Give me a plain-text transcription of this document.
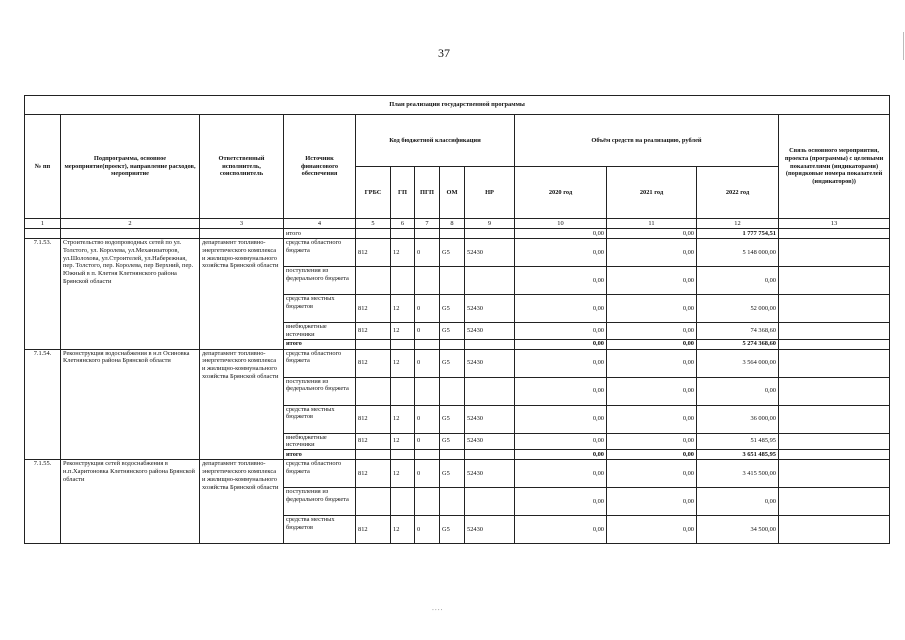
37
План реализации государственной программы												
№ пп	Подпрограмма, основное мероприятие(проект), направление расходов, мероприятие	Ответственный исполнитель, соисполнитель	Источник финансового обеспечения	Код бюджетной классификации					Объём средств на реализацию, рублей			Связь основного мероприятия, проекта (программы) с целевыми показателями (индикаторами) (порядковые номера показателей (индикаторов))
				ГРБС	ГП	ПГП	ОМ	НР	2020 год	2021 год	2022 год	
1	2	3	4	5	6	7	8	9	10	11	12	13
			итого						0,00	0,00	1 777 754,51	
7.1.53.	Строительство водопроводных сетей по ул. Толстого, ул. Королева, ул.Механизаторов, ул.Шолохова, ул.Строителей, ул.Набережная, пер. Толстого, пер. Королева, пер Верхний, пер. Южный в п. Клетня Клетнянского района Брянской области	департамент топливно-энергетического комплекса и жилищно-коммунального хозяйства Брянской области	средства областного бюджета	812	12	0	G5	52430	0,00	0,00	5 148 000,00	
			поступления из федерального бюджета						0,00	0,00	0,00	
			средства местных бюджетов	812	12	0	G5	52430	0,00	0,00	52 000,00	
			внебюджетные источники	812	12	0	G5	52430	0,00	0,00	74 368,60	
			итого						0,00	0,00	5 274 368,60	
7.1.54.	Реконструкция водоснабжения в н.п Осиновка Клетнянского района Брянской области	департамент топливно-энергетического комплекса и жилищно-коммунального хозяйства Брянской области	средства областного бюджета	812	12	0	G5	52430	0,00	0,00	3 564 000,00	
			поступления из федерального бюджета						0,00	0,00	0,00	
			средства местных бюджетов	812	12	0	G5	52430	0,00	0,00	36 000,00	
			внебюджетные источники	812	12	0	G5	52430	0,00	0,00	51 485,95	
			итого						0,00	0,00	3 651 485,95	
7.1.55.	Реконструкция сетей водоснабжения в н.п.Харитоновка Клетнянского района Брянской области	департамент топливно-энергетического комплекса и жилищно-коммунального хозяйства Брянской области	средства областного бюджета	812	12	0	G5	52430	0,00	0,00	3 415 500,00	
			поступления из федерального бюджета						0,00	0,00	0,00	
			средства местных бюджетов	812	12	0	G5	52430	0,00	0,00	34 500,00	
⸱⸱⸱⸱
